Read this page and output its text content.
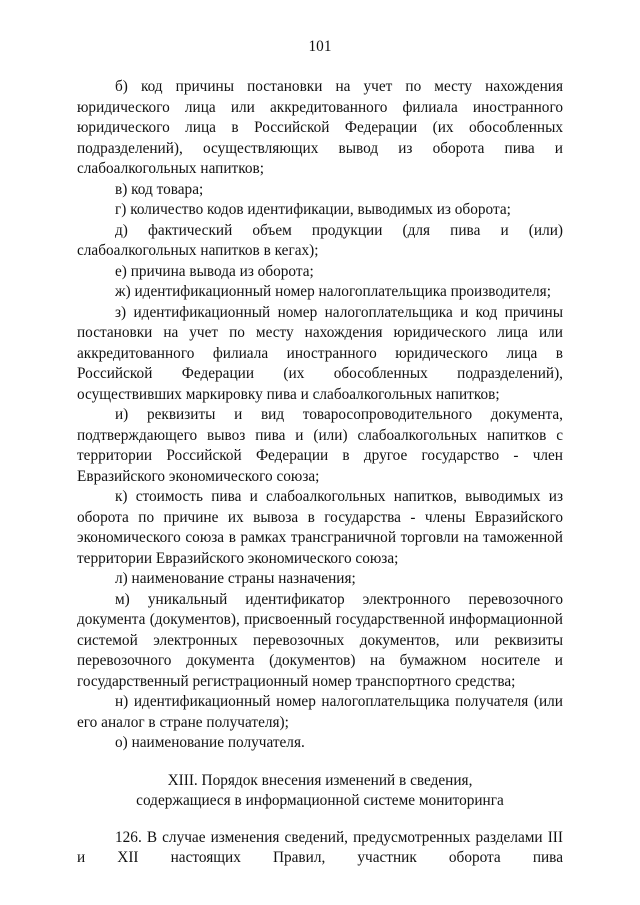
101

б) код причины постановки на учет по месту нахождения юридического лица или аккредитованного филиала иностранного юридического лица в Российской Федерации (их обособленных подразделений), осуществляющих вывод из оборота пива и слабоалкогольных напитков;

в) код товара;

г) количество кодов идентификации, выводимых из оборота;

д) фактический объем продукции (для пива и (или) слабоалкогольных напитков в кегах);

е) причина вывода из оборота;

ж) идентификационный номер налогоплательщика производителя;

з) идентификационный номер налогоплательщика и код причины постановки на учет по месту нахождения юридического лица или аккредитованного филиала иностранного юридического лица в Российской Федерации (их обособленных подразделений), осуществивших маркировку пива и слабоалкогольных напитков;

и) реквизиты и вид товаросопроводительного документа, подтверждающего вывоз пива и (или) слабоалкогольных напитков с территории Российской Федерации в другое государство - член Евразийского экономического союза;

к) стоимость пива и слабоалкогольных напитков, выводимых из оборота по причине их вывоза в государства - члены Евразийского экономического союза в рамках трансграничной торговли на таможенной территории Евразийского экономического союза;

л) наименование страны назначения;

м) уникальный идентификатор электронного перевозочного документа (документов), присвоенный государственной информационной системой электронных перевозочных документов, или реквизиты перевозочного документа (документов) на бумажном носителе и государственный регистрационный номер транспортного средства;

н) идентификационный номер налогоплательщика получателя (или его аналог в стране получателя);

о) наименование получателя.

XIII. Порядок внесения изменений в сведения,
содержащиеся в информационной системе мониторинга

126. В случае изменения сведений, предусмотренных разделами III и XII настоящих Правил, участник оборота пива
